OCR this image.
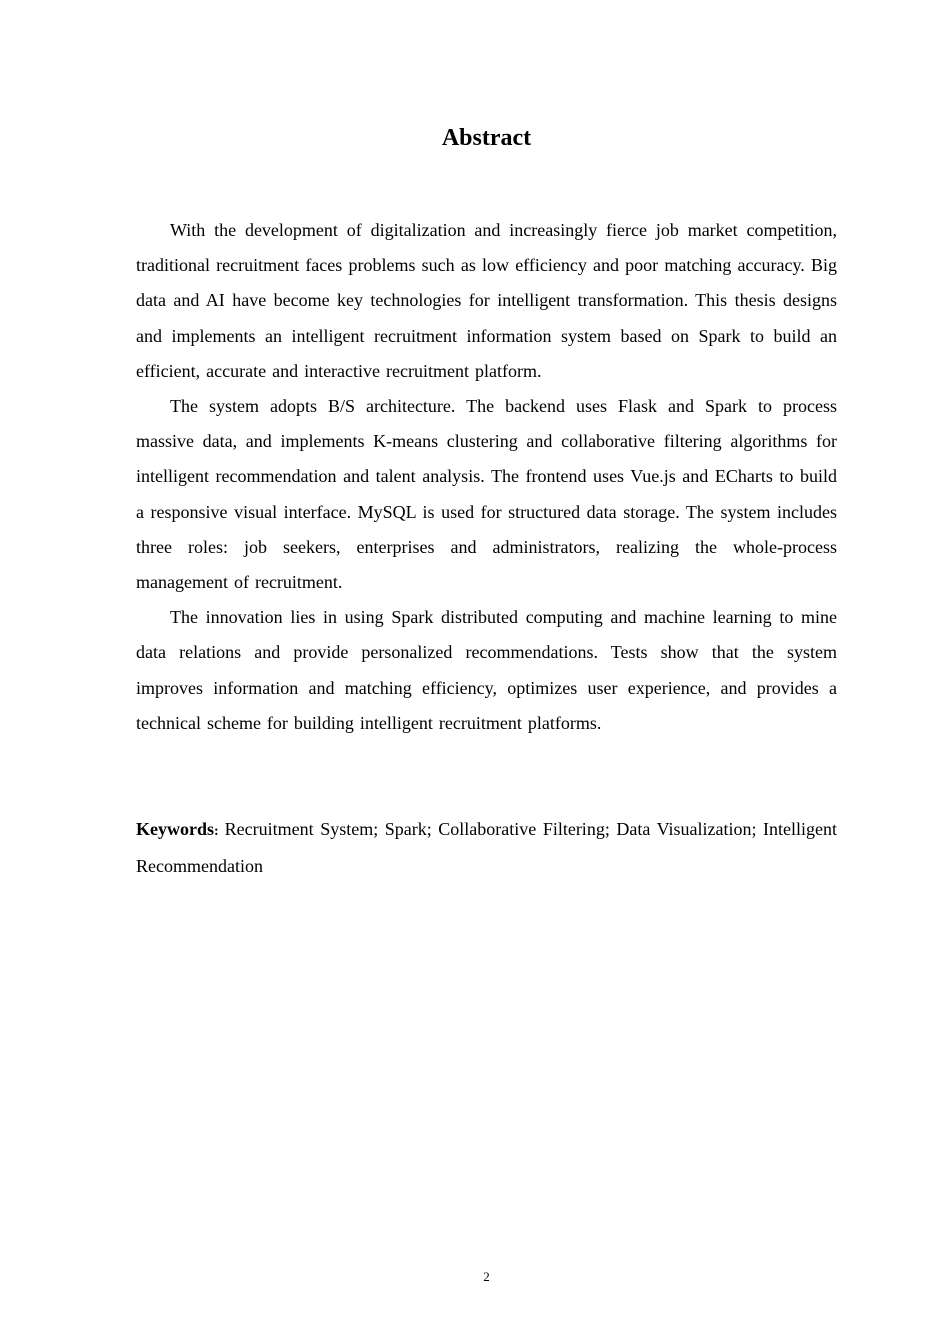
Abstract

With the development of digitalization and increasingly fierce job market competition, traditional recruitment faces problems such as low efficiency and poor matching accuracy. Big data and AI have become key technologies for intelligent transformation. This thesis designs and implements an intelligent recruitment information system based on Spark to build an efficient, accurate and interactive recruitment platform.

The system adopts B/S architecture. The backend uses Flask and Spark to process massive data, and implements K-means clustering and collaborative filtering algorithms for intelligent recommendation and talent analysis. The frontend uses Vue.js and ECharts to build a responsive visual interface. MySQL is used for structured data storage. The system includes three roles: job seekers, enterprises and administrators, realizing the whole-process management of recruitment.

The innovation lies in using Spark distributed computing and machine learning to mine data relations and provide personalized recommendations. Tests show that the system improves information and matching efficiency, optimizes user experience, and provides a technical scheme for building intelligent recruitment platforms.

Keywords: Recruitment System; Spark; Collaborative Filtering; Data Visualization; Intelligent Recommendation
2
